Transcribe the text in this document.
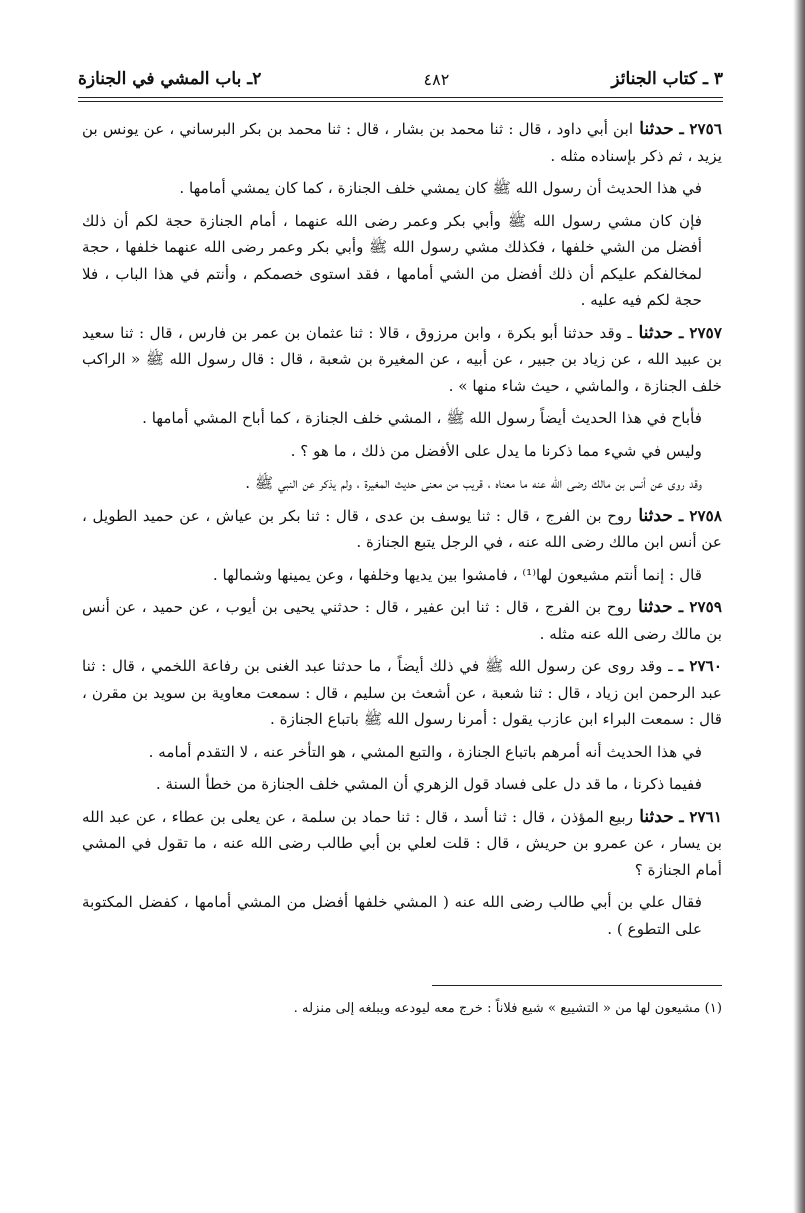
٣ ـ كتاب الجنائز
٤٨٢
٢ـ باب المشي في الجنازة
٢٧٥٦ ـ حدثنا ابن أبي داود ، قال : ثنا محمد بن بشار ، قال : ثنا محمد بن بكر البرساني ، عن يونس بن يزيد ، ثم ذكر بإسناده مثله .
في هذا الحديث أن رسول الله ﷺ كان يمشي خلف الجنازة ، كما كان يمشي أمامها .
فإن كان مشي رسول الله ﷺ وأبي بكر وعمر رضى الله عنهما ، أمام الجنازة حجة لكم أن ذلك أفضل من الشي خلفها ، فكذلك مشي رسول الله ﷺ وأبي بكر وعمر رضى الله عنهما خلفها ، حجة لمخالفكم عليكم أن ذلك أفضل من الشي أمامها ، فقد استوى خصمكم ، وأنتم في هذا الباب ، فلا حجة لكم فيه عليه .
٢٧٥٧ ـ حدثنا ـ وقد حدثنا أبو بكرة ، وابن مرزوق ، قالا : ثنا عثمان بن عمر بن فارس ، قال : ثنا سعيد بن عبيد الله ، عن زياد بن جبير ، عن أبيه ، عن المغيرة بن شعبة ، قال : قال رسول الله ﷺ « الراكب خلف الجنازة ، والماشي ، حيث شاء منها » .
فأباح في هذا الحديث أيضاً رسول الله ﷺ ، المشي خلف الجنازة ، كما أباح المشي أمامها .
وليس في شيء مما ذكرنا ما يدل على الأفضل من ذلك ، ما هو ؟ .
وقد روى عن أنس بن مالك رضى الله عنه ما معناه ، قريب من معنى حديث المغيرة ، ولم يذكر عن النبي ﷺ .
٢٧٥٨ ـ حدثنا روح بن الفرج ، قال : ثنا يوسف بن عدى ، قال : ثنا بكر بن عياش ، عن حميد الطويل ، عن أنس ابن مالك رضى الله عنه ، في الرجل يتبع الجنازة .
قال : إنما أنتم مشيعون لها⁽¹⁾ ، فامشوا بين يديها وخلفها ، وعن يمينها وشمالها .
٢٧٥٩ ـ حدثنا روح بن الفرج ، قال : ثنا ابن عفير ، قال : حدثني يحيى بن أيوب ، عن حميد ، عن أنس بن مالك رضى الله عنه مثله .
٢٧٦٠ ـ ـ وقد روى عن رسول الله ﷺ في ذلك أيضاً ، ما حدثنا عبد الغنى بن رفاعة اللخمي ، قال : ثنا عبد الرحمن ابن زياد ، قال : ثنا شعبة ، عن أشعث بن سليم ، قال : سمعت معاوية بن سويد بن مقرن ، قال : سمعت البراء ابن عازب يقول : أمرنا رسول الله ﷺ باتباع الجنازة .
في هذا الحديث أنه أمرهم باتباع الجنازة ، والتبع المشي ، هو التأخر عنه ، لا التقدم أمامه .
ففيما ذكرنا ، ما قد دل على فساد قول الزهري أن المشي خلف الجنازة من خطأ السنة .
٢٧٦١ ـ حدثنا ربيع المؤذن ، قال : ثنا أسد ، قال : ثنا حماد بن سلمة ، عن يعلى بن عطاء ، عن عبد الله بن يسار ، عن عمرو بن حريش ، قال : قلت لعلي بن أبي طالب رضى الله عنه ، ما تقول في المشي أمام الجنازة ؟
فقال علي بن أبي طالب رضى الله عنه ( المشي خلفها أفضل من المشي أمامها ، كفضل المكتوبة على التطوع ) .
(١) مشيعون لها من « التشييع » شيع فلاناً : خرج معه ليودعه ويبلغه إلى منزله .
